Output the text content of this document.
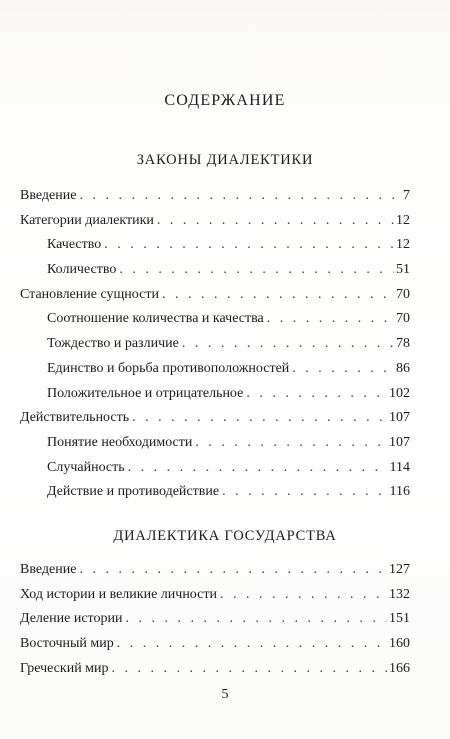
СОДЕРЖАНИЕ
ЗАКОНЫ ДИАЛЕКТИКИ
Введение . . .	7
Категории диалектики . . .	12
Качество . . .	12
Количество . . .	51
Становление сущности . . .	70
Соотношение количества и качества . . .	70
Тождество и различие . . .	78
Единство и борьба противоположностей . . .	86
Положительное и отрицательное . . .	102
Действительность . . .	107
Понятие необходимости . . .	107
Случайность . . .	114
Действие и противодействие . . .	116
ДИАЛЕКТИКА ГОСУДАРСТВА
Введение . . .	127
Ход истории и великие личности . . .	132
Деление истории . . .	151
Восточный мир . . .	160
Греческий мир . . .	166
5
